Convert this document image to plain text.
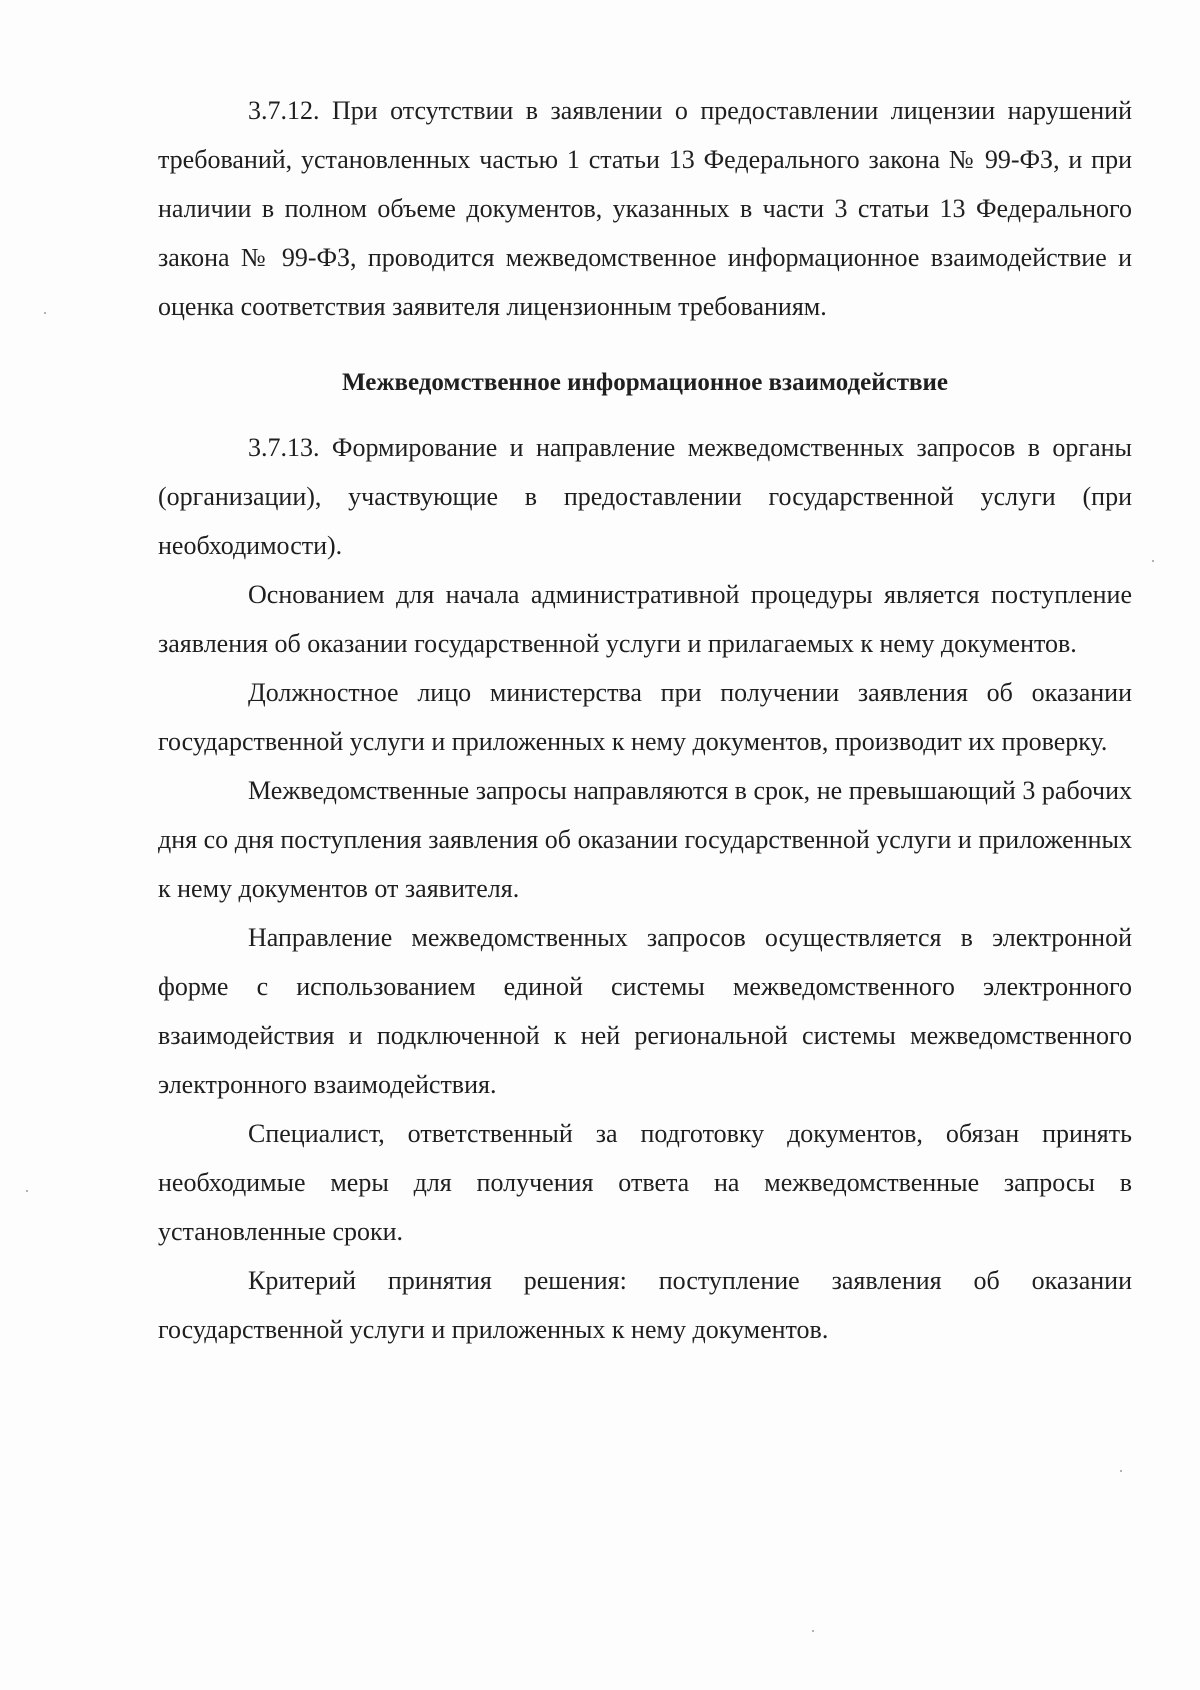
3.7.12. При отсутствии в заявлении о предоставлении лицензии нарушений требований, установленных частью 1 статьи 13 Федерального закона № 99-ФЗ, и при наличии в полном объеме документов, указанных в части 3 статьи 13 Федерального закона № 99-ФЗ, проводится межведомственное информационное взаимодействие и оценка соответствия заявителя лицензионным требованиям.

Межведомственное информационное взаимодействие

3.7.13. Формирование и направление межведомственных запросов в органы (организации), участвующие в предоставлении государственной услуги (при необходимости).

Основанием для начала административной процедуры является поступление заявления об оказании государственной услуги и прилагаемых к нему документов.

Должностное лицо министерства при получении заявления об оказании государственной услуги и приложенных к нему документов, производит их проверку.

Межведомственные запросы направляются в срок, не превышающий 3 рабочих дня со дня поступления заявления об оказании государственной услуги и приложенных к нему документов от заявителя.

Направление межведомственных запросов осуществляется в электронной форме с использованием единой системы межведомственного электронного взаимодействия и подключенной к ней региональной системы межведомственного электронного взаимодействия.

Специалист, ответственный за подготовку документов, обязан принять необходимые меры для получения ответа на межведомственные запросы в установленные сроки.

Критерий принятия решения: поступление заявления об оказании государственной услуги и приложенных к нему документов.
